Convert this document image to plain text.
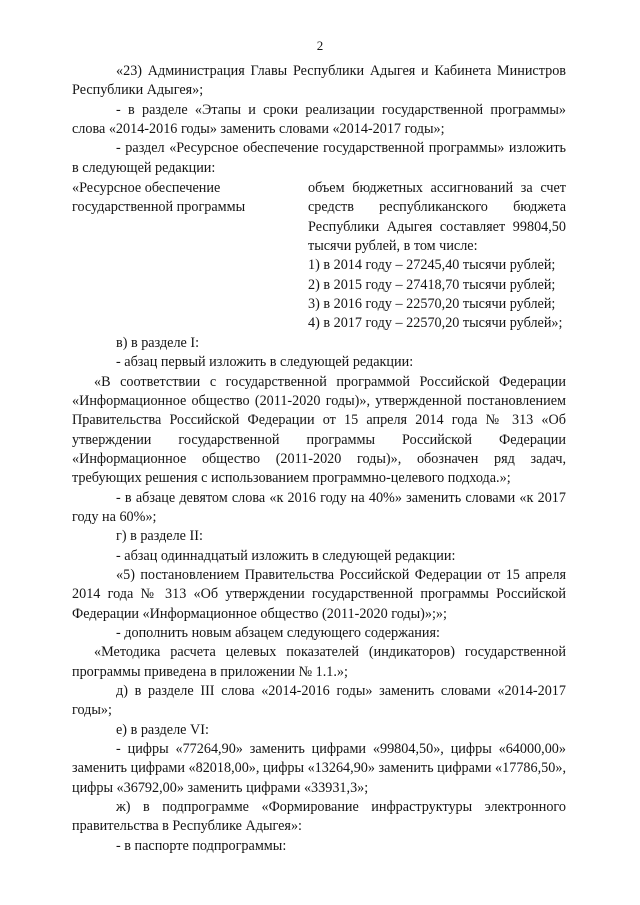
2

«23) Администрация Главы Республики Адыгея и Кабинета Министров Республики Адыгея»;

- в разделе «Этапы и сроки реализации государственной программы» слова «2014-2016 годы» заменить словами «2014-2017 годы»;

- раздел «Ресурсное обеспечение государственной программы» изложить в следующей редакции:

«Ресурсное обеспечение государственной программы

объем бюджетных ассигнований за счет средств республиканского бюджета Республики Адыгея составляет 99804,50 тысячи рублей, в том числе:

1) в 2014 году – 27245,40 тысячи рублей;

2) в 2015 году – 27418,70 тысячи рублей;

3) в 2016 году – 22570,20 тысячи рублей;

4) в 2017 году – 22570,20 тысячи рублей»;

в) в разделе I:

- абзац первый изложить в следующей редакции:

«В соответствии с государственной программой Российской Федерации «Информационное общество (2011-2020 годы)», утвержденной постановлением Правительства Российской Федерации от 15 апреля 2014 года № 313 «Об утверждении государственной программы Российской Федерации «Информационное общество (2011-2020 годы)», обозначен ряд задач, требующих решения с использованием программно-целевого подхода.»;

- в абзаце девятом слова «к 2016 году на 40%» заменить словами «к 2017 году на 60%»;

г) в разделе II:

- абзац одиннадцатый изложить в следующей редакции:

«5) постановлением Правительства Российской Федерации от 15 апреля 2014 года № 313 «Об утверждении государственной программы Российской Федерации «Информационное общество (2011-2020 годы)»;»;

- дополнить новым абзацем следующего содержания:

«Методика расчета целевых показателей (индикаторов) государственной программы приведена в приложении № 1.1.»;

д) в разделе III слова «2014-2016 годы» заменить словами «2014-2017 годы»;

е) в разделе VI:

- цифры «77264,90» заменить цифрами «99804,50», цифры «64000,00» заменить цифрами «82018,00», цифры «13264,90» заменить цифрами «17786,50», цифры «36792,00» заменить цифрами «33931,3»;

ж) в подпрограмме «Формирование инфраструктуры электронного правительства в Республике Адыгея»:

- в паспорте подпрограммы:
